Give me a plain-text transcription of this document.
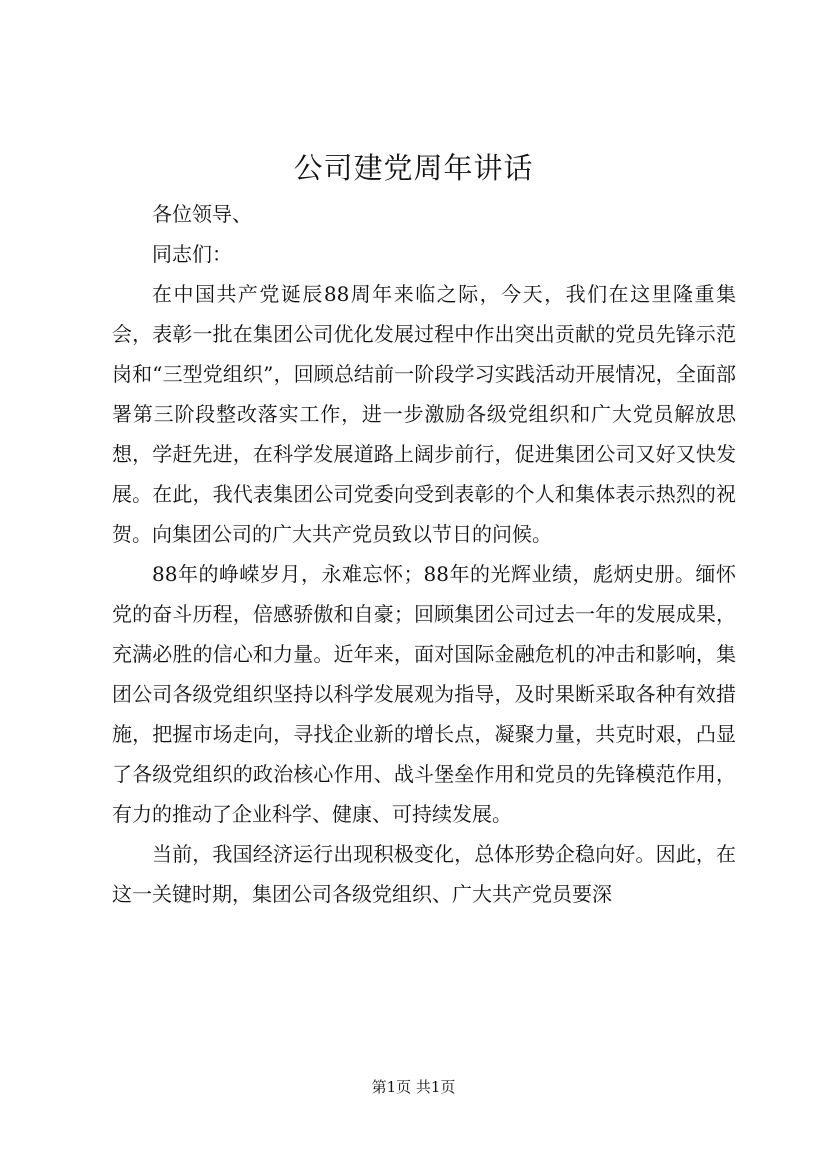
公司建党周年讲话

各位领导、

同志们：

在中国共产党诞辰88周年来临之际，今天，我们在这里隆重集会，表彰一批在集团公司优化发展过程中作出突出贡献的党员先锋示范岗和“三型党组织”，回顾总结前一阶段学习实践活动开展情况，全面部署第三阶段整改落实工作，进一步激励各级党组织和广大党员解放思想，学赶先进，在科学发展道路上阔步前行，促进集团公司又好又快发展。在此，我代表集团公司党委向受到表彰的个人和集体表示热烈的祝贺。向集团公司的广大共产党员致以节日的问候。

88年的峥嵘岁月，永难忘怀；88年的光辉业绩，彪炳史册。缅怀党的奋斗历程，倍感骄傲和自豪；回顾集团公司过去一年的发展成果，充满必胜的信心和力量。近年来，面对国际金融危机的冲击和影响，集团公司各级党组织坚持以科学发展观为指导，及时果断采取各种有效措施，把握市场走向，寻找企业新的增长点，凝聚力量，共克时艰，凸显了各级党组织的政治核心作用、战斗堡垒作用和党员的先锋模范作用，有力的推动了企业科学、健康、可持续发展。

当前，我国经济运行出现积极变化，总体形势企稳向好。因此，在这一关键时期，集团公司各级党组织、广大共产党员要深

第1页 共1页
